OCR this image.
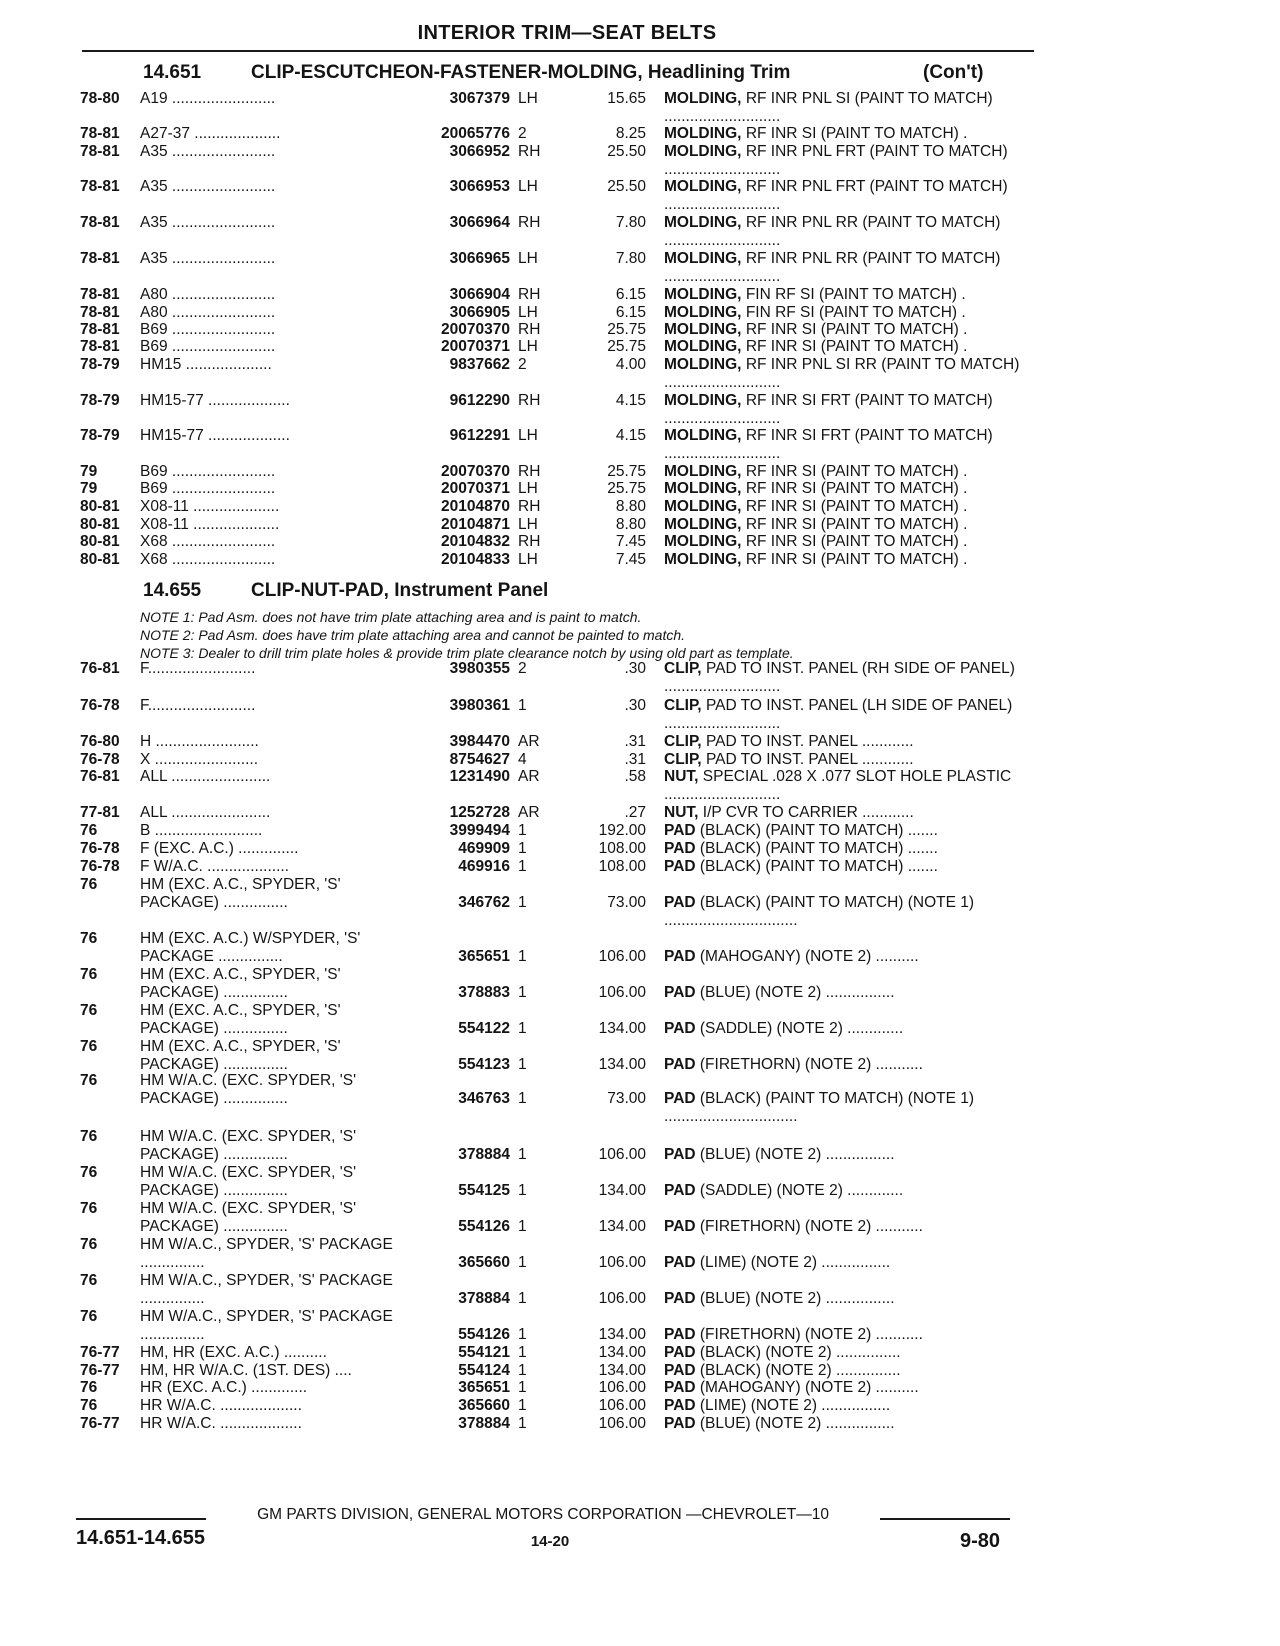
INTERIOR TRIM—SEAT BELTS
14.651	CLIP-ESCUTCHEON-FASTENER-MOLDING, Headlining Trim	(Con't)
14.655	CLIP-NUT-PAD, Instrument Panel
NOTE 1: Pad Asm. does not have trim plate attaching area and is paint to match.
NOTE 2: Pad Asm. does have trim plate attaching area and cannot be painted to match.
NOTE 3: Dealer to drill trim plate holes & provide trim plate clearance notch by using old part as template.
78-80	A19 ........................	3067379 LH	15.65 MOLDING, RF INR PNL SI (PAINT TO MATCH) ...........................
78-81	A27-37 ....................	20065776 2	8.25 MOLDING, RF INR SI (PAINT TO MATCH) .
78-81	A35 ........................	3066952 RH	25.50 MOLDING, RF INR PNL FRT (PAINT TO MATCH) ...........................
78-81	A35 ........................	3066953 LH	25.50 MOLDING, RF INR PNL FRT (PAINT TO MATCH) ...........................
78-81	A35 ........................	3066964 RH	7.80 MOLDING, RF INR PNL RR (PAINT TO MATCH) ...........................
78-81	A35 ........................	3066965 LH	7.80 MOLDING, RF INR PNL RR (PAINT TO MATCH) ...........................
78-81	A80 ........................	3066904 RH	6.15 MOLDING, FIN RF SI (PAINT TO MATCH) .
78-81	A80 ........................	3066905 LH	6.15 MOLDING, FIN RF SI (PAINT TO MATCH) .
78-81	B69 ........................	20070370 RH	25.75 MOLDING, RF INR SI (PAINT TO MATCH) .
78-81	B69 ........................	20070371 LH	25.75 MOLDING, RF INR SI (PAINT TO MATCH) .
78-79	HM15 ....................	9837662 2	4.00 MOLDING, RF INR PNL SI RR (PAINT TO MATCH) ...........................
78-79	HM15-77 ...................	9612290 RH	4.15 MOLDING, RF INR SI FRT (PAINT TO MATCH) ...........................
78-79	HM15-77 ...................	9612291 LH	4.15 MOLDING, RF INR SI FRT (PAINT TO MATCH) ...........................
79	B69 ........................	20070370 RH	25.75 MOLDING, RF INR SI (PAINT TO MATCH) .
79	B69 ........................	20070371 LH	25.75 MOLDING, RF INR SI (PAINT TO MATCH) .
80-81	X08-11 ....................	20104870 RH	8.80 MOLDING, RF INR SI (PAINT TO MATCH) .
80-81	X08-11 ....................	20104871 LH	8.80 MOLDING, RF INR SI (PAINT TO MATCH) .
80-81	X68 ........................	20104832 RH	7.45 MOLDING, RF INR SI (PAINT TO MATCH) .
80-81	X68 ........................	20104833 LH	7.45 MOLDING, RF INR SI (PAINT TO MATCH) .
76-81	F.........................	3980355 2	.30 CLIP, PAD TO INST. PANEL (RH SIDE OF PANEL) ...........................
76-78	F.........................	3980361 1	.30 CLIP, PAD TO INST. PANEL (LH SIDE OF PANEL) ...........................
76-80	H ........................	3984470 AR	.31 CLIP, PAD TO INST. PANEL ............
76-78	X ........................	8754627 4	.31 CLIP, PAD TO INST. PANEL ............
76-81	ALL .......................	1231490 AR	.58 NUT, SPECIAL .028 X .077 SLOT HOLE PLASTIC ...........................
77-81	ALL .......................	1252728 AR	.27 NUT, I/P CVR TO CARRIER ............
76	B .........................	3999494 1	192.00 PAD (BLACK) (PAINT TO MATCH) .......
76-78	F (EXC. A.C.) ..............	469909 1	108.00 PAD (BLACK) (PAINT TO MATCH) .......
76-78	F W/A.C. ...................	469916 1	108.00 PAD (BLACK) (PAINT TO MATCH) .......
76	HM (EXC. A.C., SPYDER, 'S' PACKAGE) ...............	346762 1	73.00 PAD (BLACK) (PAINT TO MATCH) (NOTE 1) ...............................
76	HM (EXC. A.C.) W/SPYDER, 'S' PACKAGE ...............	365651 1	106.00 PAD (MAHOGANY) (NOTE 2) ..........
76	HM (EXC. A.C., SPYDER, 'S' PACKAGE) ...............	378883 1	106.00 PAD (BLUE) (NOTE 2) ................
76	HM (EXC. A.C., SPYDER, 'S' PACKAGE) ...............	554122 1	134.00 PAD (SADDLE) (NOTE 2) .............
76	HM (EXC. A.C., SPYDER, 'S' PACKAGE) ...............	554123 1	134.00 PAD (FIRETHORN) (NOTE 2) ...........
76	HM W/A.C. (EXC. SPYDER, 'S' PACKAGE) ...............	346763 1	73.00 PAD (BLACK) (PAINT TO MATCH) (NOTE 1) ...............................
76	HM W/A.C. (EXC. SPYDER, 'S' PACKAGE) ...............	378884 1	106.00 PAD (BLUE) (NOTE 2) ................
76	HM W/A.C. (EXC. SPYDER, 'S' PACKAGE) ...............	554125 1	134.00 PAD (SADDLE) (NOTE 2) .............
76	HM W/A.C. (EXC. SPYDER, 'S' PACKAGE) ...............	554126 1	134.00 PAD (FIRETHORN) (NOTE 2) ...........
76	HM W/A.C., SPYDER, 'S' PACKAGE ...............	365660 1	106.00 PAD (LIME) (NOTE 2) ................
76	HM W/A.C., SPYDER, 'S' PACKAGE ...............	378884 1	106.00 PAD (BLUE) (NOTE 2) ................
76	HM W/A.C., SPYDER, 'S' PACKAGE ...............	554126 1	134.00 PAD (FIRETHORN) (NOTE 2) ...........
76-77	HM, HR (EXC. A.C.) ..........	554121 1	134.00 PAD (BLACK) (NOTE 2) ...............
76-77	HM, HR W/A.C. (1ST. DES) ....	554124 1	134.00 PAD (BLACK) (NOTE 2) ...............
76	HR (EXC. A.C.) .............	365651 1	106.00 PAD (MAHOGANY) (NOTE 2) ..........
76	HR W/A.C. ...................	365660 1	106.00 PAD (LIME) (NOTE 2) ................
76-77	HR W/A.C. ...................	378884 1	106.00 PAD (BLUE) (NOTE 2) ................
GM PARTS DIVISION, GENERAL MOTORS CORPORATION —CHEVROLET—10
14.651-14.655	14-20	9-80
